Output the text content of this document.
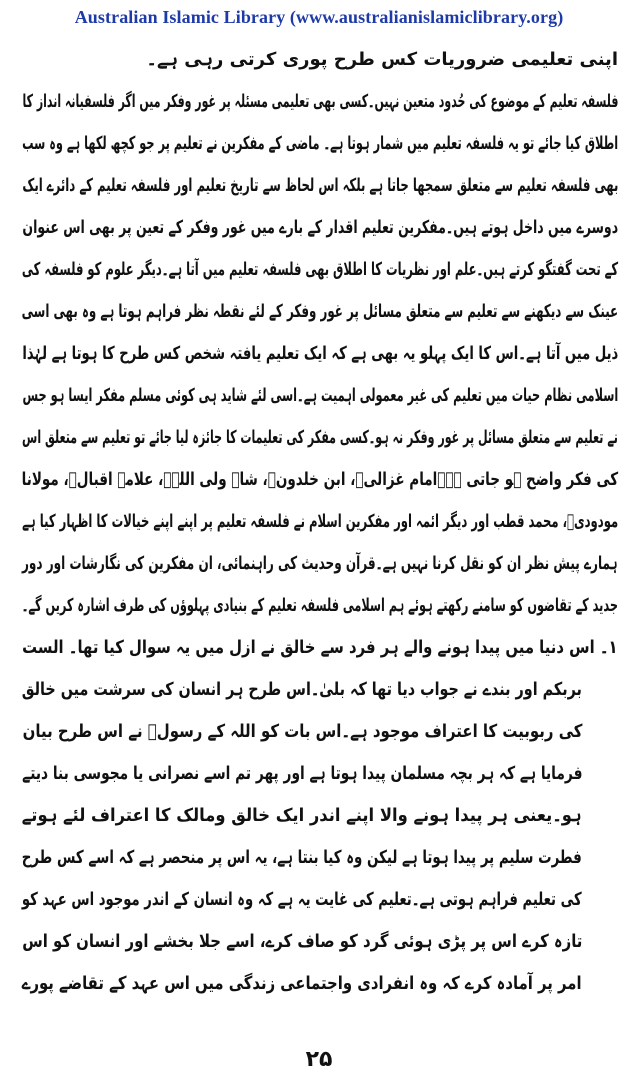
Australian Islamic Library (www.australianislamiclibrary.org)
اپنی تعلیمی ضروریات کس طرح پوری کرتی رہی ہے۔
فلسفہ تعلیم کے موضوع کی حُدود متعین نہیں۔کسی بھی تعلیمی مسئلہ پر غور وفکر میں اگر فلسفیانہ انداز کا
اطلاق کیا جائے تو یہ فلسفہ تعلیم میں شمار ہوتا ہے۔ ماضی کے مفکرین نے تعلیم پر جو کچھ لکھا ہے وہ سب
بھی فلسفہ تعلیم سے متعلق سمجھا جاتا ہے بلکہ اس لحاظ سے تاریخ تعلیم اور فلسفہ تعلیم کے دائرے ایک
دوسرے میں داخل ہوتے ہیں۔مفکرین تعلیم اقدار کے بارے میں غور وفکر کے تعین پر بھی اس عنوان
کے تحت گفتگو کرتے ہیں۔علم اور نظریات کا اطلاق بھی فلسفہ تعلیم میں آتا ہے۔دیگر علوم کو فلسفہ کی
عینک سے دیکھنے سے تعلیم سے متعلق مسائل پر غور وفکر کے لئے نقطہ نظر فراہم ہوتا ہے وہ بھی اسی
ذیل میں آتا ہے۔اس کا ایک پہلو یہ بھی ہے کہ ایک تعلیم یافتہ شخص کس طرح کا ہوتا ہے لہٰذا
اسلامی نظام حیات میں تعلیم کی غیر معمولی اہمیت ہے۔اسی لئے شاید ہی کوئی مسلم مفکر ایسا ہو جس
نے تعلیم سے متعلق مسائل پر غور وفکر نہ ہو۔کسی مفکر کی تعلیمات کا جائزہ لیا جائے تو تعلیم سے متعلق اس
کی فکر واضح ہو جاتی ہے۔امام غزالیؒ، ابن خلدونؒ، شاہ ولی اللہؒ، علامہ اقبالؒ، مولانا
مودودیؒ، محمد قطب اور دیگر ائمہ اور مفکرین اسلام نے فلسفہ تعلیم پر اپنے اپنے خیالات کا اظہار کیا ہے
ہمارے پیش نظر ان کو نقل کرنا نہیں ہے۔قرآن وحدیث کی راہنمائی، ان مفکرین کی نگارشات اور دور
جدید کے تقاضوں کو سامنے رکھتے ہوئے ہم اسلامی فلسفہ تعلیم کے بنیادی پہلوؤں کی طرف اشارہ کریں گے۔
۱۔ اس دنیا میں پیدا ہونے والے ہر فرد سے خالق نے ازل میں یہ سوال کیا تھا۔ الست
بربکم اور بندے نے جواب دیا تھا کہ بلیٰ۔اس طرح ہر انسان کی سرشت میں خالق
کی ربوبیت کا اعتراف موجود ہے۔اس بات کو اللہ کے رسولؐ نے اس طرح بیان
فرمایا ہے کہ ہر بچہ مسلمان پیدا ہوتا ہے اور پھر تم اسے نصرانی یا مجوسی بنا دیتے
ہو۔یعنی ہر پیدا ہونے والا اپنے اندر ایک خالق ومالک کا اعتراف لئے ہوتے
فطرت سلیم پر پیدا ہوتا ہے لیکن وہ کیا بنتا ہے، یہ اس پر منحصر ہے کہ اسے کس طرح
کی تعلیم فراہم ہوتی ہے۔تعلیم کی غایت یہ ہے کہ وہ انسان کے اندر موجود اس عہد کو
تازہ کرے اس پر پڑی ہوئی گرد کو صاف کرے، اسے جلا بخشے اور انسان کو اس
امر پر آمادہ کرے کہ وہ انفرادی واجتماعی زندگی میں اس عہد کے تقاضے پورے
۲۵
